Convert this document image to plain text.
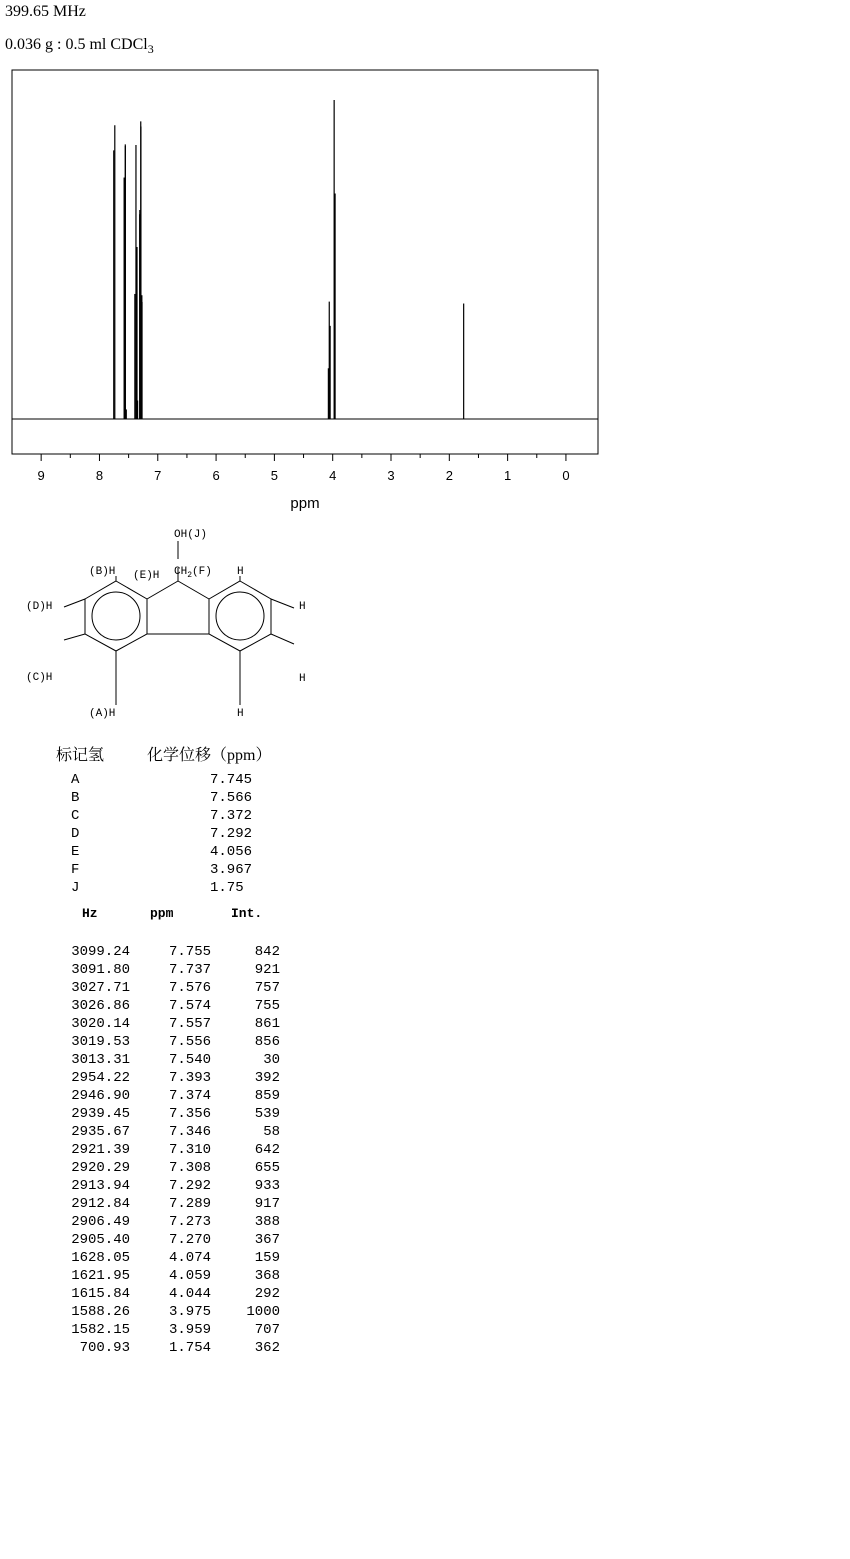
399.65 MHz
0.036 g : 0.5 ml CDCl$_3$
9	8	7	6	5	4	3	2	1	0
ppm
OH(J)
$CH_2(F)$
(E)H
(B)H
(D)H
(C)H
(A)H
H
H
H
H
标记氢	化学位移（ppm）
A	7.745
B	7.566
C	7.372
D	7.292
E	4.056
F	3.967
J	1.75
Hz	ppm	Int.
3099.24	7.755	842
3091.80	7.737	921
3027.71	7.576	757
3026.86	7.574	755
3020.14	7.557	861
3019.53	7.556	856
3013.31	7.540	30
2954.22	7.393	392
2946.90	7.374	859
2939.45	7.356	539
2935.67	7.346	58
2921.39	7.310	642
2920.29	7.308	655
2913.94	7.292	933
2912.84	7.289	917
2906.49	7.273	388
2905.40	7.270	367
1628.05	4.074	159
1621.95	4.059	368
1615.84	4.044	292
1588.26	3.975	1000
1582.15	3.959	707
700.93	1.754	362
